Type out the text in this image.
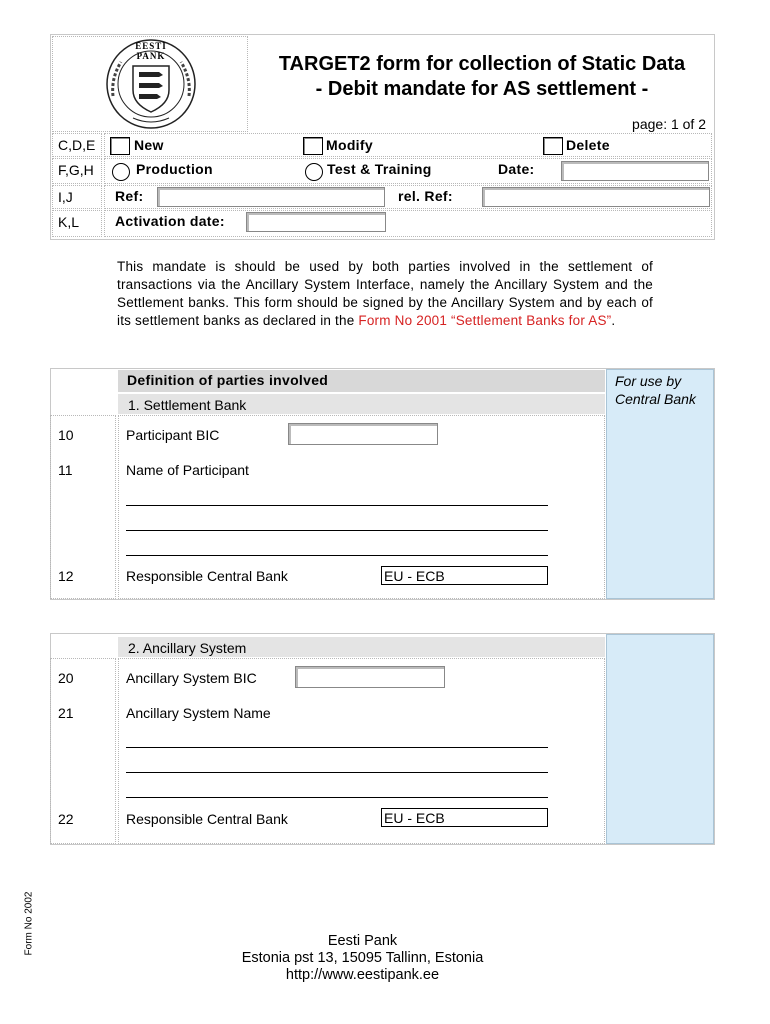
EESTI PANK	TARGET2 form for collection of Static Data
- Debit mandate for AS settlement -
page: 1 of 2
C,D,E	New	Modify	Delete
F,G,H	Production	Test & Training	Date:
I,J	Ref:	rel. Ref:
K,L	Activation date:
This mandate is should be used by both parties involved in the settlement of transactions via the Ancillary System Interface, namely the Ancillary System and the Settlement banks. This form should be signed by the Ancillary System and by each of its settlement banks as declared in the Form No 2001 “Settlement Banks for AS”.
For use by Central Bank
Definition of parties involved
1. Settlement Bank
10	Participant BIC
11	Name of Participant
12	Responsible Central Bank	EU - ECB
2. Ancillary System
20	Ancillary System BIC
21	Ancillary System Name
22	Responsible Central Bank	EU - ECB
Form No 2002	Eesti Pank
Estonia pst 13, 15095 Tallinn, Estonia
http://www.eestipank.ee
